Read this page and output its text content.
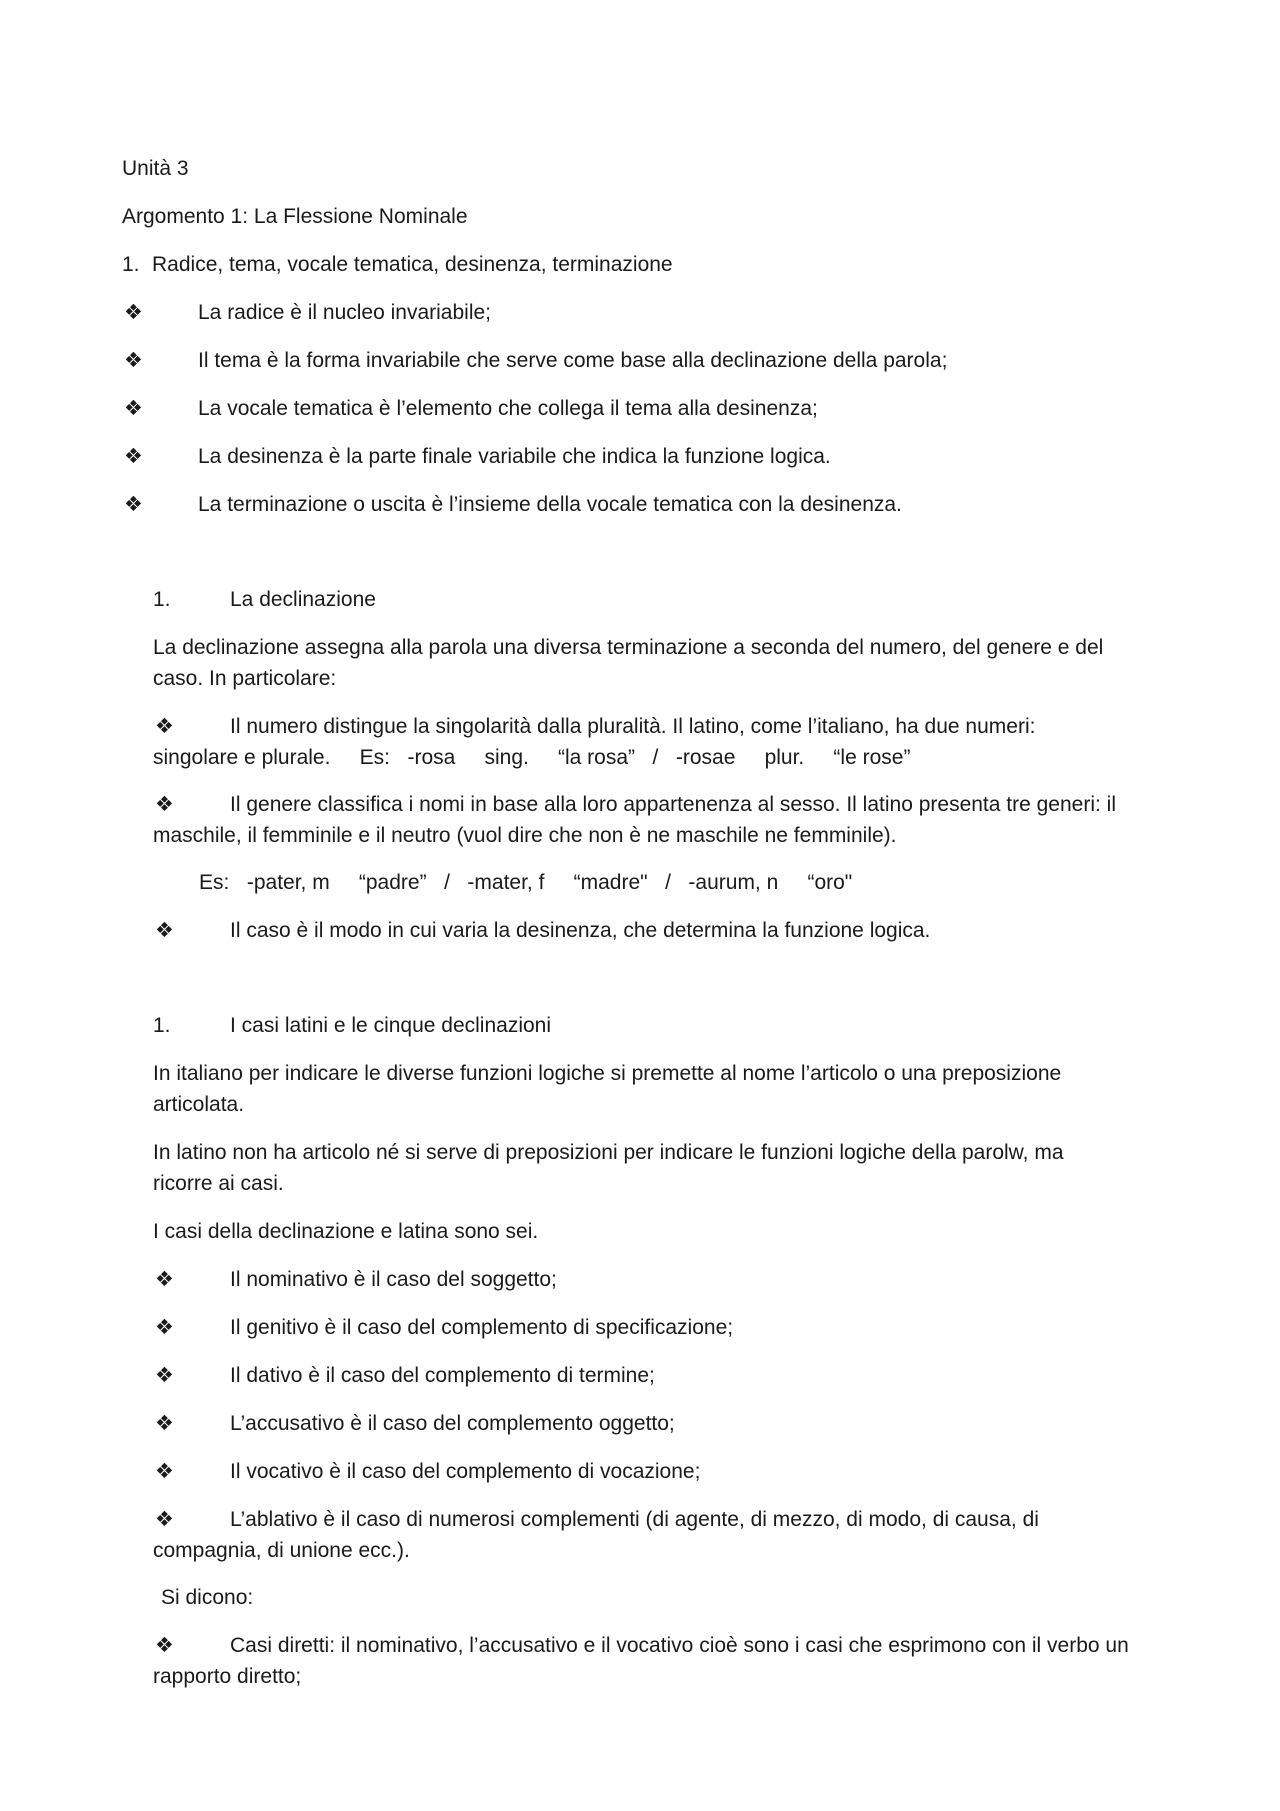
Unità 3
Argomento 1: La Flessione Nominale
1. Radice, tema, vocale tematica, desinenza, terminazione
❖	La radice è il nucleo invariabile;
❖	Il tema è la forma invariabile che serve come base alla declinazione della parola;
❖	La vocale tematica è l’elemento che collega il tema alla desinenza;
❖	La desinenza è la parte finale variabile che indica la funzione logica.
❖	La terminazione o uscita è l’insieme della vocale tematica con la desinenza.
1.	La declinazione
La declinazione assegna alla parola una diversa terminazione a seconda del numero, del genere e del caso. In particolare:
❖	Il numero distingue la singolarità dalla pluralità. Il latino, come l’italiano, ha due numeri:
singolare e plurale.     Es:   -rosa     sing.     “la rosa”   /   -rosae     plur.     “le rose”
❖	Il genere classifica i nomi in base alla loro appartenenza al sesso. Il latino presenta tre generi: il
maschile, il femminile e il neutro (vuol dire che non è ne maschile ne femminile).
Es:   -pater, m     “padre”   /   -mater, f     “madre"   /   -aurum, n     “oro"
❖	Il caso è il modo in cui varia la desinenza, che determina la funzione logica.
1.	I casi latini e le cinque declinazioni
In italiano per indicare le diverse funzioni logiche si premette al nome l’articolo o una preposizione articolata.
In latino non ha articolo né si serve di preposizioni per indicare le funzioni logiche della parolw, ma ricorre ai casi.
I casi della declinazione e latina sono sei.
❖	Il nominativo è il caso del soggetto;
❖	Il genitivo è il caso del complemento di specificazione;
❖	Il dativo è il caso del complemento di termine;
❖	L’accusativo è il caso del complemento oggetto;
❖	Il vocativo è il caso del complemento di vocazione;
❖	L’ablativo è il caso di numerosi complementi (di agente, di mezzo, di modo, di causa, di
compagnia, di unione ecc.).
Si dicono:
❖	Casi diretti: il nominativo, l’accusativo e il vocativo cioè sono i casi che esprimono con il verbo un
rapporto diretto;
